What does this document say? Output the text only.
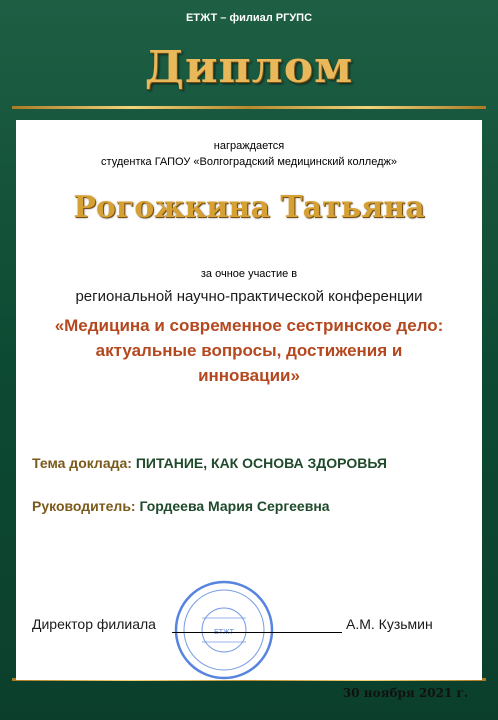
ЕТЖТ – филиал РГУПС
Диплом
награждается
студентка ГАПОУ «Волгоградский медицинский колледж»
Рогожкина Татьяна
за очное участие в
региональной научно-практической конференции
«Медицина и современное сестринское дело:
актуальные вопросы, достижения и
инновации»
Тема доклада: ПИТАНИЕ, КАК ОСНОВА ЗДОРОВЬЯ
Руководитель: Гордеева Мария Сергеевна
ЕТЖТ
Директор филиала	А.М. Кузьмин
30 ноября 2021 г.
